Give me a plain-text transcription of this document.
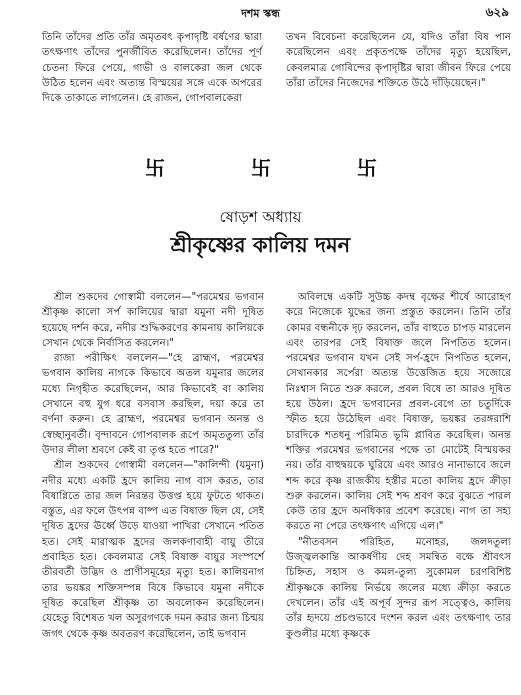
দশম স্কন্ধ	৬২৯

তিনি তাঁদের প্রতি তাঁর অমৃতবৎ কৃপাদৃষ্টি বর্ষণের দ্বারা তৎক্ষণাৎ তাঁদের পুনর্জীবিত করেছিলেন। তাঁদের পূর্ণ চেতনা ফিরে পেয়ে, গাভী ও বালকেরা জল থেকে উঠিত হলেন এবং অত্যন্ত বিস্ময়ের সঙ্গে একে অপরের দিকে তাকাতে লাগলেন। হে রাজন, গোপবালকেরা

তখন বিবেচনা করেছিলেন যে, যদিও তাঁরা বিষ পান করেছিলেন এবং প্রকৃতপক্ষে তাঁদের মৃত্যু হয়েছিল, কেবলমাত্র গোবিন্দের কৃপাদৃষ্টির দ্বারা জীবন ফিরে পেয়ে তাঁরা তাঁদের নিজেদের শক্তিতে উঠে দাঁড়িয়েছেন।"

卐	卐	卐
ষোড়শ অধ্যায়
শ্রীকৃষ্ণের কালিয় দমন

শ্রীল শুকদেব গোস্বামী বললেন—"পরমেশ্বর ভগবান শ্রীকৃষ্ণ কালো সর্প কালিয়ের দ্বারা যমুনা নদী দূষিত হয়েছে দর্শন করে, নদীর শুদ্ধিকরণের কামনায় কালিয়কে সেখান থেকে নির্বাসিত করলেন।"

রাজা পরীক্ষিৎ বললেন—"হে ব্রাহ্মণ, পরমেশ্বর ভগবান কালিয় নাগকে কিভাবে অতল যমুনার জলের মধ্যে নিগৃহীত করেছিলেন, আর কিভাবেই বা কালিয় সেখানে বহু যুগ ধরে বসবাস করছিল, দয়া করে তা বর্ণনা করুন। হে ব্রাহ্মণ, পরমেশ্বর ভগবান অনন্ত ও স্বেচ্ছানুবর্তী। বৃন্দাবনে গোপবালক রূপে অমৃততুল্য তাঁর উদার লীলা শ্রবণে কেই বা তৃপ্ত হতে পারে?"

শ্রীল শুকদেব গোস্বামী বললেন—"কালিন্দী (যমুনা) নদীর মধ্যে একটি হ্রদে কালিয় নাগ বাস করত, তার বিষাগ্নিতে তার জল নিরন্তর উত্তপ্ত হয়ে ফুটতে থাকত। বস্তুত, এর ফলে উৎপন্ন বাষ্প এত বিষাক্ত ছিল যে, সেই দূষিত হ্রদের ঊর্ধ্বে উড়ে যাওয়া পাখিরা সেখানে পতিত হত। সেই মারাত্মক হ্রদের জলকণাবাহী বায়ু তীরে প্রবাহিত হত। কেবলমাত্র সেই বিষাক্ত বায়ুর সংস্পর্শে তীরবর্তী উদ্ভিদ ও প্রাণীসমূহের মৃত্যু হত। কালিয়নাগ তার ভয়ঙ্কর শক্তিসম্পন্ন বিষে কিভাবে যমুনা নদীকে দূষিত করেছিল শ্রীকৃষ্ণ তা অবলোকন করেছিলেন। যেহেতু বিশেষত খল অসুরগণকে দমন করার জন্য চিন্ময় জগৎ থেকে কৃষ্ণ অবতরণ করেছিলেন, তাই ভগবান

অবিলম্বে একটি সুউচ্চ কদম্ব বৃক্ষের শীর্ষে আরোহণ করে নিজেকে যুদ্ধের জন্য প্রস্তুত করলেন। তিনি তাঁর কোমর বন্ধনীকে দৃঢ় করলেন, তাঁর বাহুতে চাপড় মারলেন এবং তারপর সেই বিষাক্ত জলে নিপতিত হলেন। পরমেশ্বর ভগবান যখন সেই সর্প-হ্রদে নিপতিত হলেন, সেখানকার সর্পেরা অত্যন্ত উত্তেজিত হয়ে সজোরে নিঃশ্বাস নিতে শুরু করলে, প্রবল বিষে তা আরও দূষিত হয়ে উঠল। হ্রদে ভগবানের প্রবল-বেগে তা চতুর্দিকে স্ফীত হয়ে উঠেছিল এবং বিষাক্ত, ভয়ঙ্কর তরঙ্গরাশি চারদিকে শতধনু পরিমিত ভূমি প্লাবিত করেছিল। অনন্ত শক্তির পরমেশ্বর ভগবানের পক্ষে তা মোটেই বিস্ময়কর নয়। তাঁর বাহুদ্বয়কে ঘুরিয়ে এবং আরও নানাভাবে জলে শব্দ করে কৃষ্ণ রাজকীয় হস্তীর মতো কালিয় হ্রদে ক্রীড়া শুরু করলেন। কালিয় সেই শব্দ শ্রবণ করে বুঝতে পারল কেউ তার হ্রদে অনধিকার প্রবেশ করেছে। নাগ তা সহ্য করতে না পেরে তৎক্ষণাৎ এগিয়ে এল।"

"নীতবসন পরিহিত, মনোহর, জলদতুল্য উজ্জ্বলকান্তি আকর্ষণীয় দেহ সমন্বিত বক্ষে শ্রীবৎস চিহ্নিত, সহাস ও কমল-তুল্য সুকোমল চরণবিশিষ্ট শ্রীকৃষ্ণকে কালিয় নির্ভয়ে জলের মধ্যে ক্রীড়া করতে দেখলেন। তাঁর এই অপূর্ব সুন্দর রূপ সত্ত্বেও, কালিয় তাঁর হৃদয়ে প্রচণ্ডভাবে দংশন করল এবং তৎক্ষণাৎ তার কুণ্ডলীর মধ্যে কৃষ্ণকে
